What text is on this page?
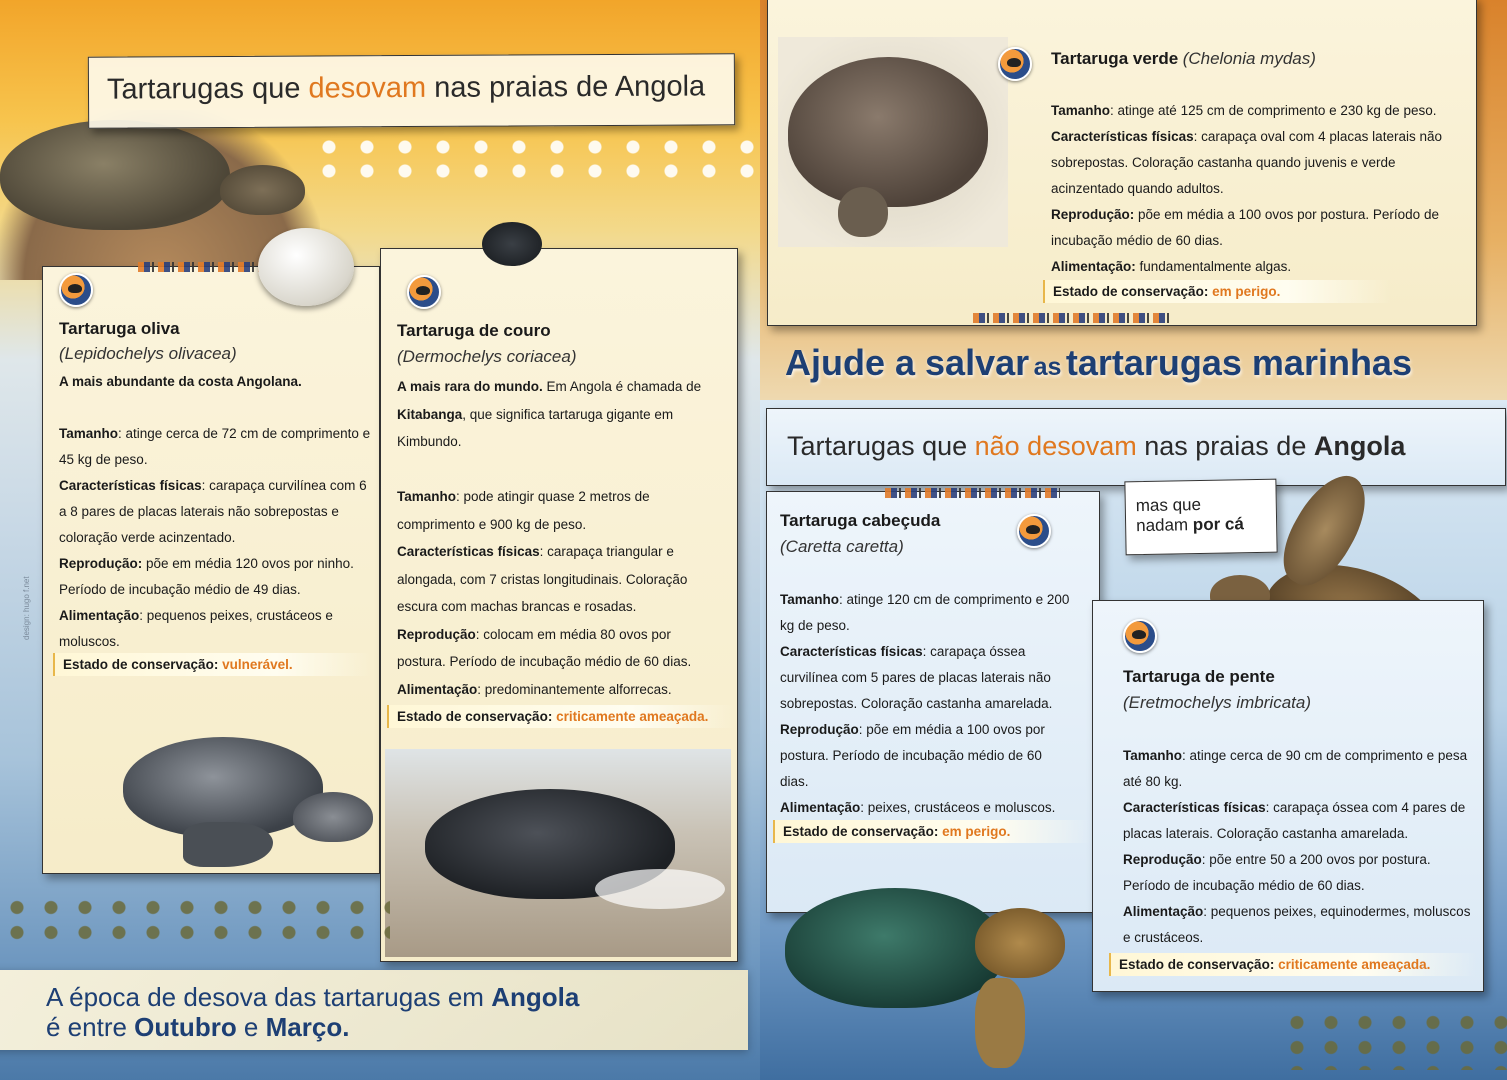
Tartarugas que desovam nas praias de Angola
Tartaruga oliva
(Lepidochelys olivacea)
A mais abundante da costa Angolana.

Tamanho: atinge cerca de 72 cm de comprimento e 45 kg de peso.
Características físicas: carapaça curvilínea com 6 a 8 pares de placas laterais não sobrepostas e coloração verde acinzentado.
Reprodução: põe em média 120 ovos por ninho. Período de incubação médio de 49 dias.
Alimentação: pequenos peixes, crustáceos e moluscos.
Estado de conservação: vulnerável.
design: hugo f.net
Tartaruga de couro
(Dermochelys coriacea)
A mais rara do mundo. Em Angola é chamada de Kitabanga, que significa tartaruga gigante em Kimbundo.

Tamanho: pode atingir quase 2 metros de comprimento e 900 kg de peso.
Características físicas: carapaça triangular e alongada, com 7 cristas longitudinais. Coloração escura com machas brancas e rosadas.
Reprodução: colocam em média 80 ovos por postura. Período de incubação médio de 60 dias.
Alimentação: predominantemente alforrecas.
Estado de conservação: criticamente ameaçada.
Tartaruga verde (Chelonia mydas)
Tamanho: atinge até 125 cm de comprimento e 230 kg de peso.
Características físicas: carapaça oval com 4 placas laterais não sobrepostas. Coloração castanha quando juvenis e verde acinzentado quando adultos.
Reprodução: põe em média a 100 ovos por postura. Período de incubação médio de 60 dias.
Alimentação: fundamentalmente algas.
Estado de conservação: em perigo.
Ajude a salvar as tartarugas marinhas
Tartarugas que não desovam nas praias de Angola
mas que
nadam por cá
Tartaruga cabeçuda
(Caretta caretta)
Tamanho: atinge 120 cm de comprimento e 200 kg de peso.
Características físicas: carapaça óssea curvilínea com 5 pares de placas laterais não sobrepostas. Coloração castanha amarelada.
Reprodução: põe em média a 100 ovos por postura. Período de incubação médio de 60 dias.
Alimentação: peixes, crustáceos e moluscos.
Estado de conservação: em perigo.
Tartaruga de pente
(Eretmochelys imbricata)
Tamanho: atinge cerca de 90 cm de comprimento e pesa até 80 kg.
Características físicas: carapaça óssea com 4 pares de placas laterais. Coloração castanha amarelada.
Reprodução: põe entre 50 a 200 ovos por postura. Período de incubação médio de 60 dias.
Alimentação: pequenos peixes, equinodermes, moluscos e crustáceos.
Estado de conservação: criticamente ameaçada.
A época de desova das tartarugas em Angola
é entre Outubro e Março.
